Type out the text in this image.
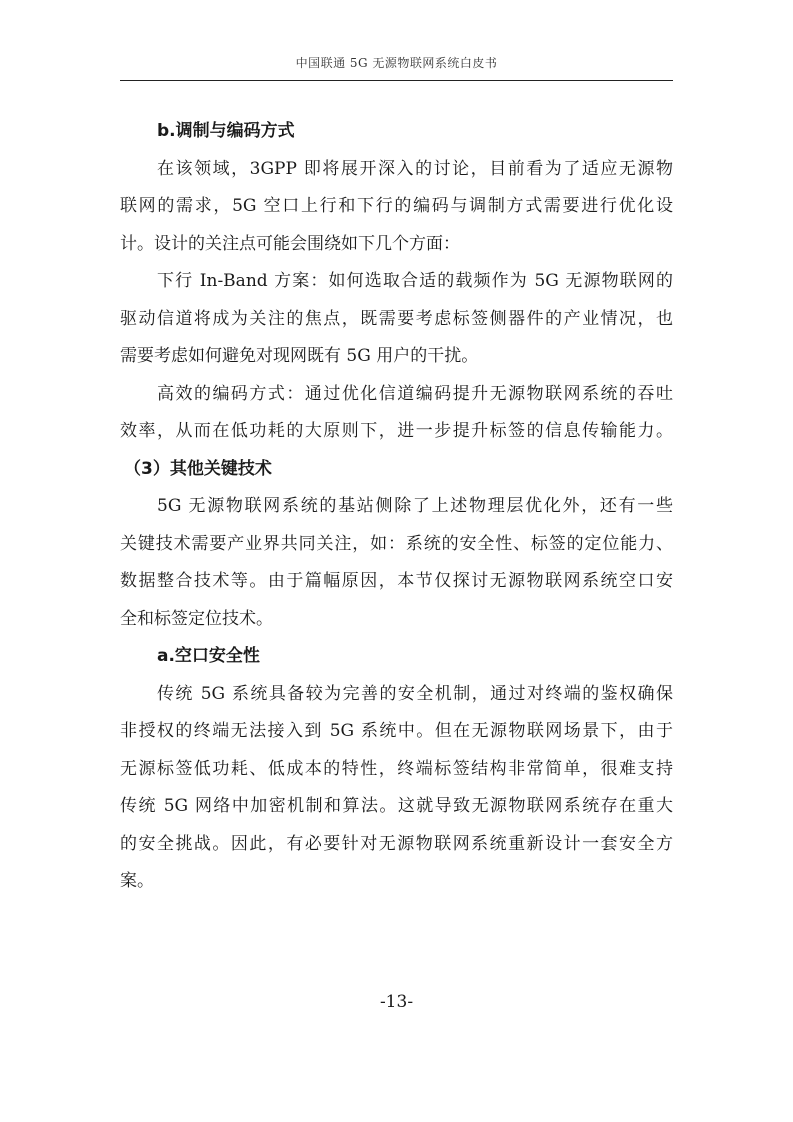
中国联通 5G 无源物联网系统白皮书
b.调制与编码方式
在该领域，3GPP 即将展开深入的讨论，目前看为了适应无源物
联网的需求，5G 空口上行和下行的编码与调制方式需要进行优化设
计。设计的关注点可能会围绕如下几个方面：
下行 In-Band 方案：如何选取合适的载频作为 5G 无源物联网的
驱动信道将成为关注的焦点，既需要考虑标签侧器件的产业情况，也
需要考虑如何避免对现网既有 5G 用户的干扰。
高效的编码方式：通过优化信道编码提升无源物联网系统的吞吐
效率，从而在低功耗的大原则下，进一步提升标签的信息传输能力。
（3）其他关键技术
5G 无源物联网系统的基站侧除了上述物理层优化外，还有一些
关键技术需要产业界共同关注，如：系统的安全性、标签的定位能力、
数据整合技术等。由于篇幅原因，本节仅探讨无源物联网系统空口安
全和标签定位技术。
a.空口安全性
传统 5G 系统具备较为完善的安全机制，通过对终端的鉴权确保
非授权的终端无法接入到 5G 系统中。但在无源物联网场景下，由于
无源标签低功耗、低成本的特性，终端标签结构非常简单，很难支持
传统 5G 网络中加密机制和算法。这就导致无源物联网系统存在重大
的安全挑战。因此，有必要针对无源物联网系统重新设计一套安全方
案。
-13-
